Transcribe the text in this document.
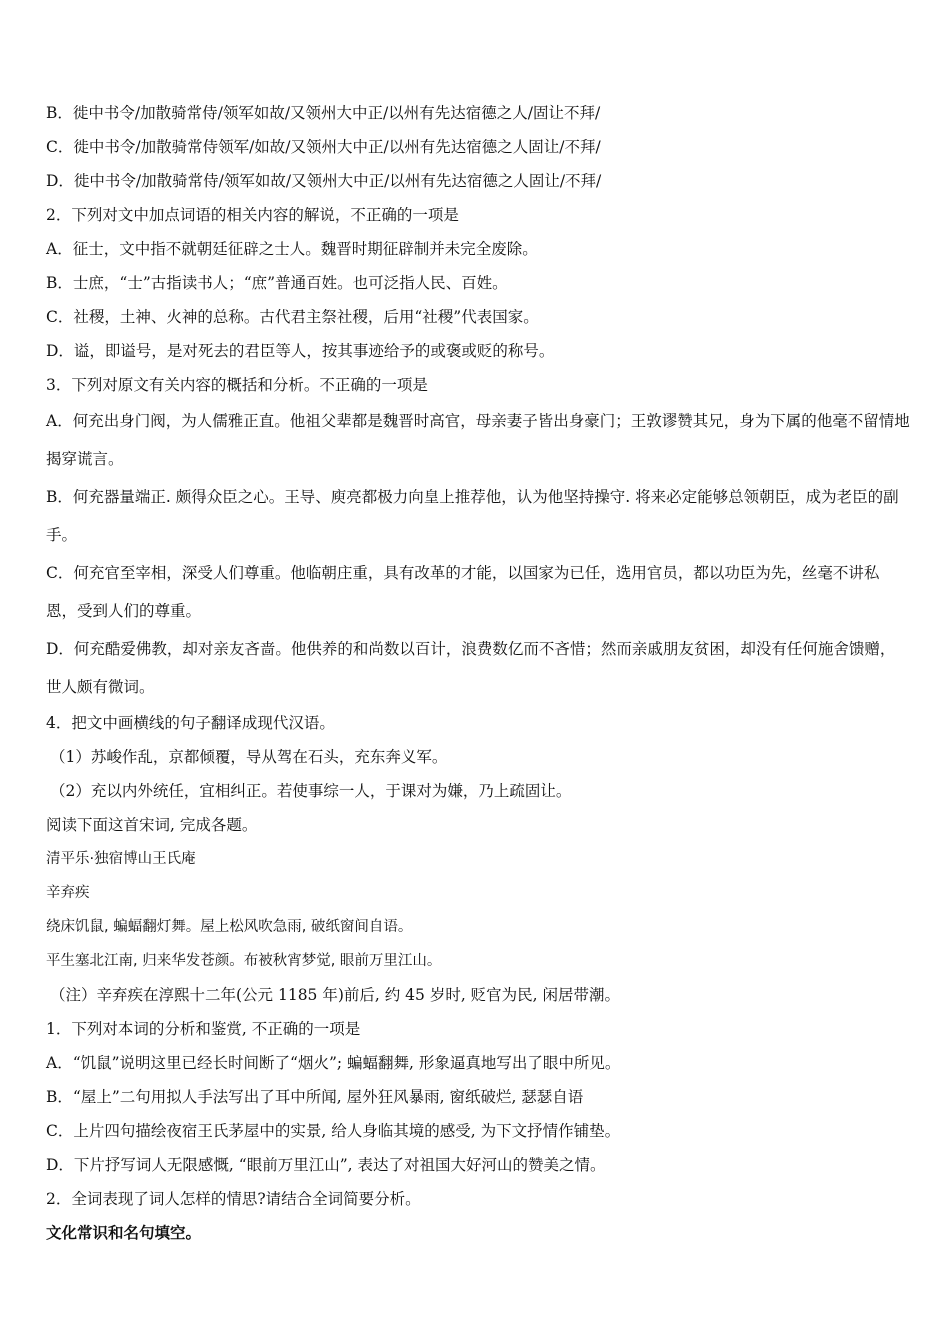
B．徙中书令/加散骑常侍/领军如故/又领州大中正/以州有先达宿德之人/固让不拜/
C．徙中书令/加散骑常侍领军/如故/又领州大中正/以州有先达宿德之人固让/不拜/
D．徙中书令/加散骑常侍/领军如故/又领州大中正/以州有先达宿德之人固让/不拜/
2．下列对文中加点词语的相关内容的解说，不正确的一项是
A．征士，文中指不就朝廷征辟之士人。魏晋时期征辟制并未完全废除。
B．士庶，“士”古指读书人；“庶”普通百姓。也可泛指人民、百姓。
C．社稷，土神、火神的总称。古代君主祭社稷，后用“社稷”代表国家。
D．谥，即谥号，是对死去的君臣等人，按其事迹给予的或褒或贬的称号。
3．下列对原文有关内容的概括和分析。不正确的一项是
A．何充出身门阀，为人儒雅正直。他祖父辈都是魏晋时高官，母亲妻子皆出身豪门；王敦谬赞其兄，身为下属的他毫不留情地揭穿谎言。
B．何充器量端正. 颇得众臣之心。王导、庾亮都极力向皇上推荐他，认为他坚持操守. 将来必定能够总领朝臣，成为老臣的副手。
C．何充官至宰相，深受人们尊重。他临朝庄重，具有改革的才能，以国家为已任，选用官员，都以功臣为先，丝毫不讲私恩，受到人们的尊重。
D．何充酷爱佛教，却对亲友吝啬。他供养的和尚数以百计，浪费数亿而不吝惜；然而亲戚朋友贫困，却没有任何施舍馈赠，世人颇有微词。
4．把文中画横线的句子翻译成现代汉语。
（1）苏峻作乱，京都倾覆，导从驾在石头，充东奔义军。
（2）充以内外统任，宜相纠正。若使事综一人，于课对为嫌，乃上疏固让。
阅读下面这首宋词, 完成各题。
清平乐·独宿博山王氏庵
辛弃疾
绕床饥鼠, 蝙蝠翻灯舞。屋上松风吹急雨, 破纸窗间自语。
平生塞北江南, 归来华发苍颜。布被秋宵梦觉, 眼前万里江山。
（注）辛弃疾在淳熙十二年(公元 1185 年)前后, 约 45 岁时, 贬官为民, 闲居带潮。
1．下列对本词的分析和鉴赏, 不正确的一项是
A．“饥鼠”说明这里已经长时间断了“烟火”; 蝙蝠翻舞, 形象逼真地写出了眼中所见。
B．“屋上”二句用拟人手法写出了耳中所闻, 屋外狂风暴雨, 窗纸破烂, 瑟瑟自语
C．上片四句描绘夜宿王氏茅屋中的实景, 给人身临其境的感受, 为下文抒情作铺垫。
D．下片抒写词人无限感慨, “眼前万里江山”, 表达了对祖国大好河山的赞美之情。
2．全词表现了词人怎样的情思?请结合全词简要分析。
文化常识和名句填空。
